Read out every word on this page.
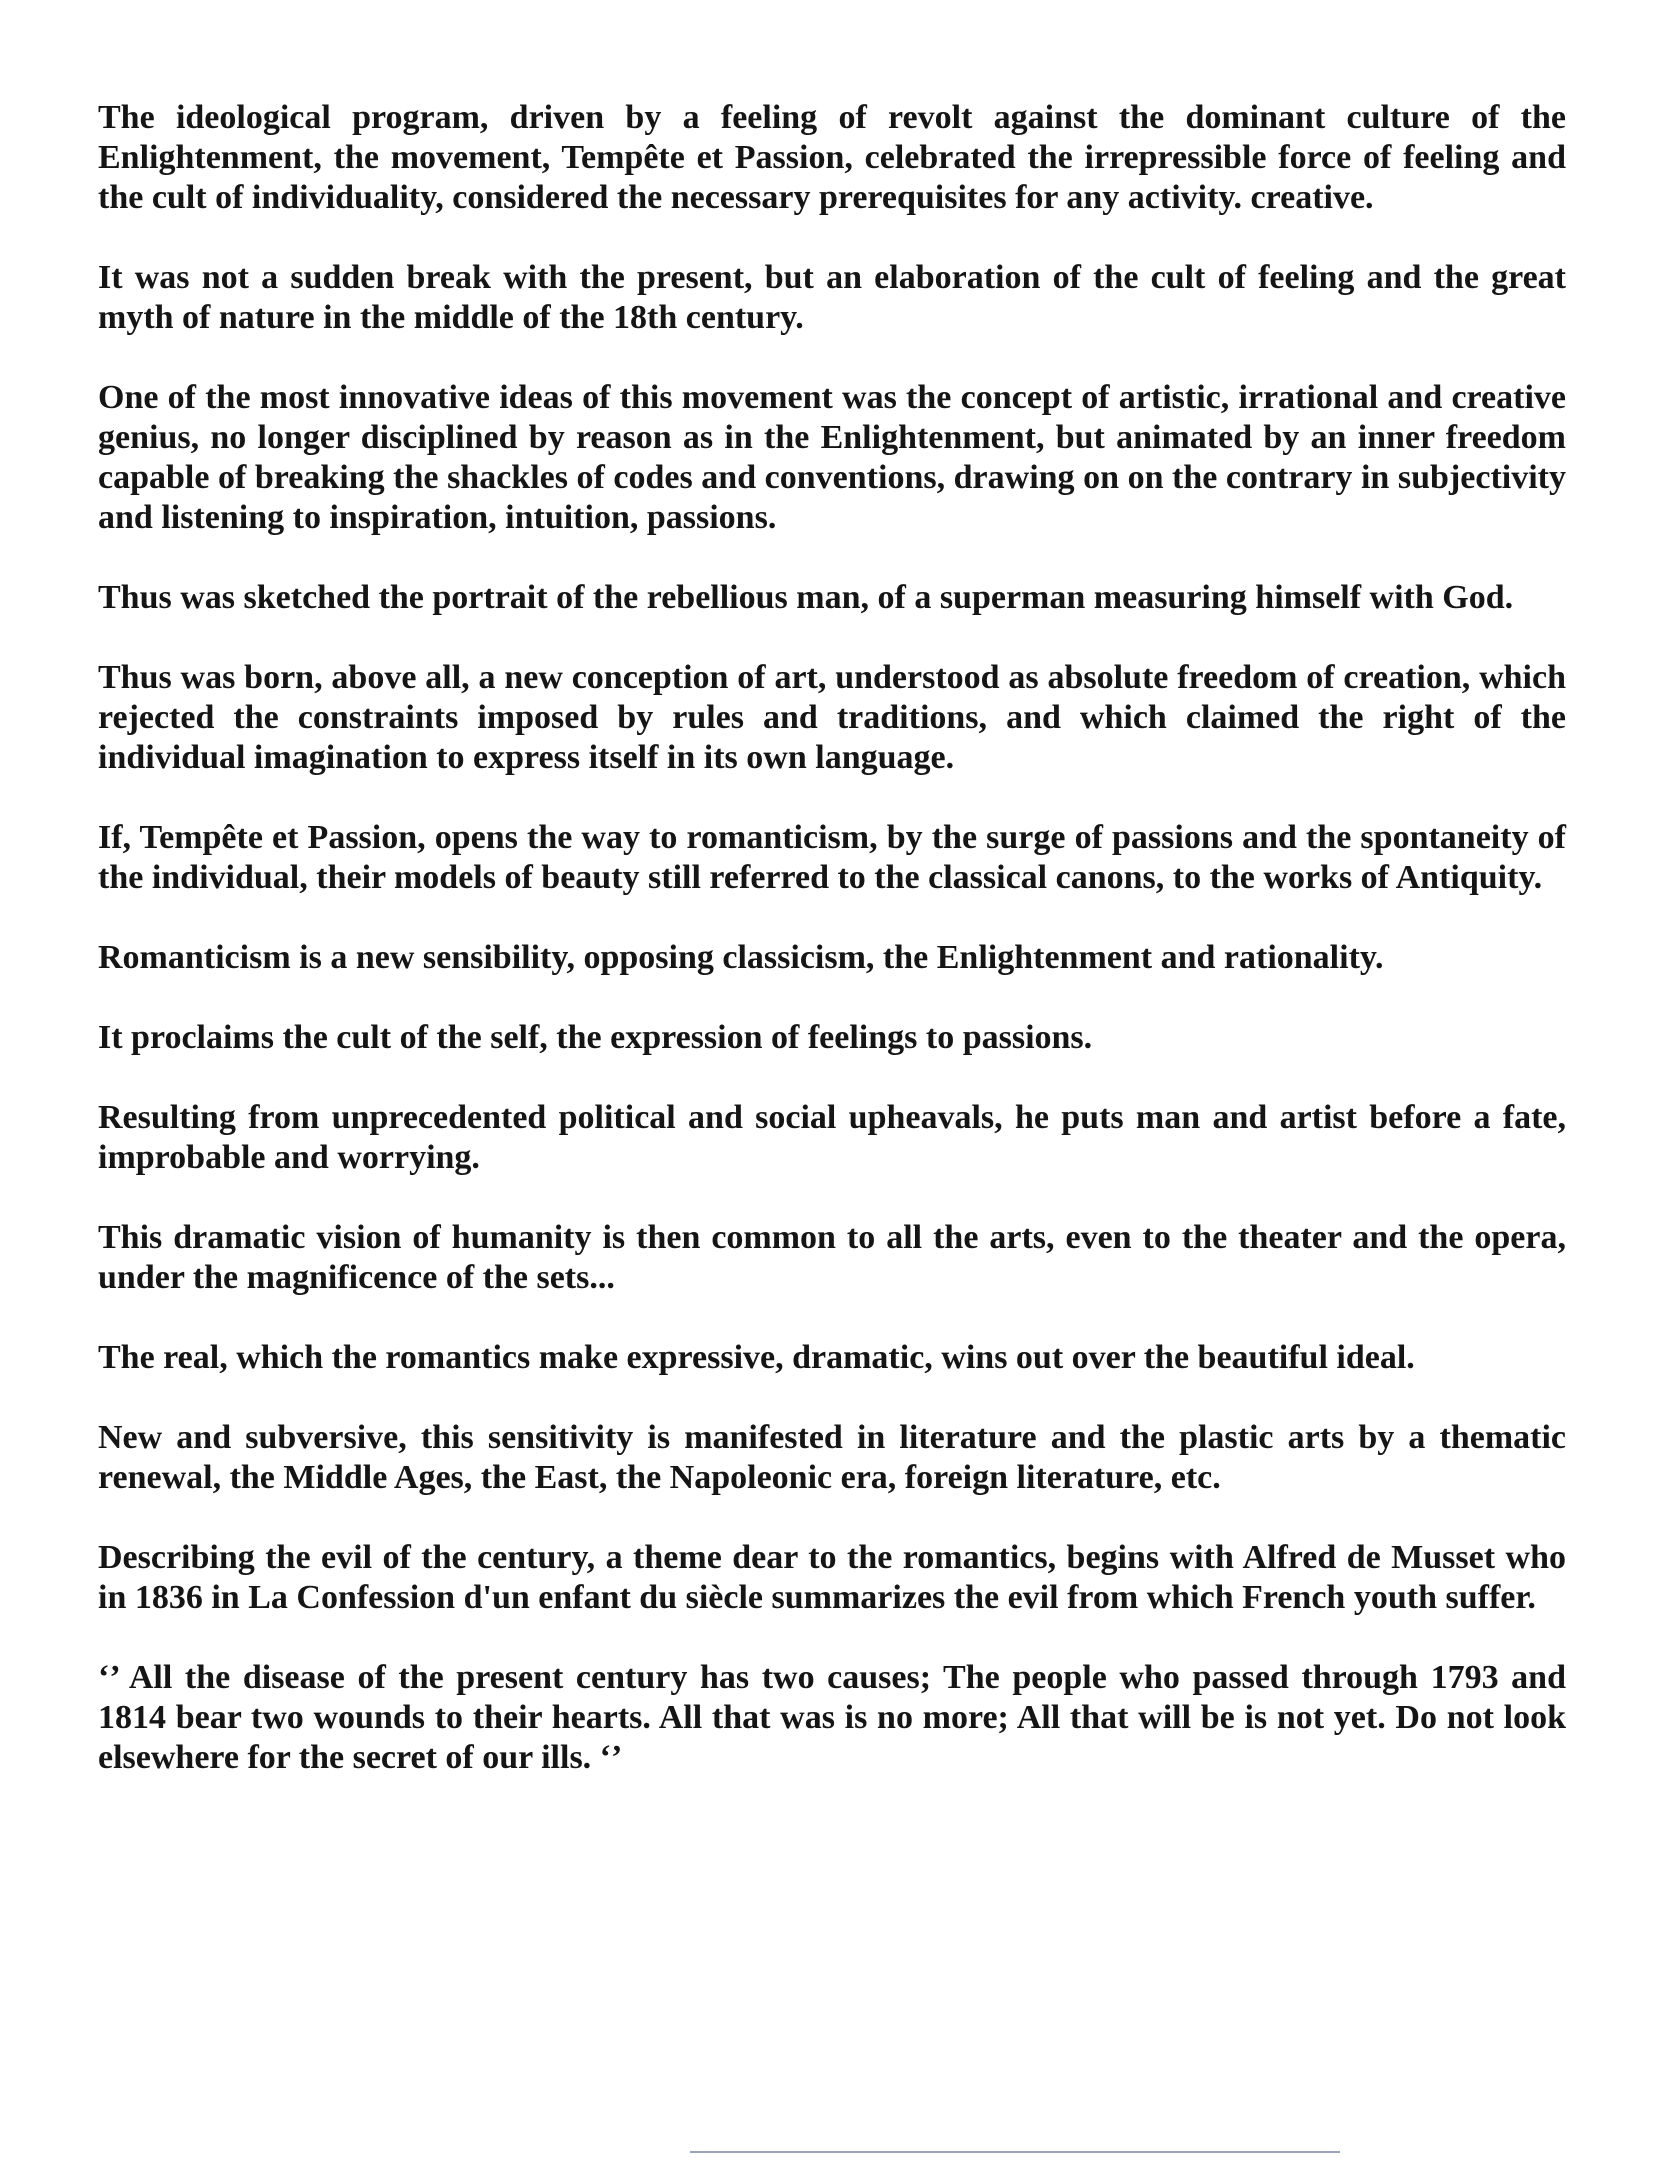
The ideological program, driven by a feeling of revolt against the dominant culture of the Enlightenment, the movement, Tempête et Passion, celebrated the irrepressible force of feeling and the cult of individuality, considered the necessary prerequisites for any activity. creative.

It was not a sudden break with the present, but an elaboration of the cult of feeling and the great myth of nature in the middle of the 18th century.

One of the most innovative ideas of this movement was the concept of artistic, irrational and creative genius, no longer disciplined by reason as in the Enlightenment, but animated by an inner freedom capable of breaking the shackles of codes and conventions, drawing on on the contrary in subjectivity and listening to inspiration, intuition, passions.

Thus was sketched the portrait of the rebellious man, of a superman measuring himself with God.

Thus was born, above all, a new conception of art, understood as absolute freedom of creation, which rejected the constraints imposed by rules and traditions, and which claimed the right of the individual imagination to express itself in its own language.

If, Tempête et Passion, opens the way to romanticism, by the surge of passions and the spontaneity of the individual, their models of beauty still referred to the classical canons, to the works of Antiquity.

Romanticism is a new sensibility, opposing classicism, the Enlightenment and rationality.

It proclaims the cult of the self, the expression of feelings to passions.

Resulting from unprecedented political and social upheavals, he puts man and artist before a fate, improbable and worrying.

This dramatic vision of humanity is then common to all the arts, even to the theater and the opera, under the magnificence of the sets...

The real, which the romantics make expressive, dramatic, wins out over the beautiful ideal.

New and subversive, this sensitivity is manifested in literature and the plastic arts by a thematic renewal, the Middle Ages, the East, the Napoleonic era, foreign literature, etc.

Describing the evil of the century, a theme dear to the romantics, begins with Alfred de Musset who in 1836 in La Confession d'un enfant du siècle summarizes the evil from which French youth suffer.

‘’ All the disease of the present century has two causes; The people who passed through 1793 and 1814 bear two wounds to their hearts. All that was is no more; All that will be is not yet. Do not look elsewhere for the secret of our ills. ‘’
